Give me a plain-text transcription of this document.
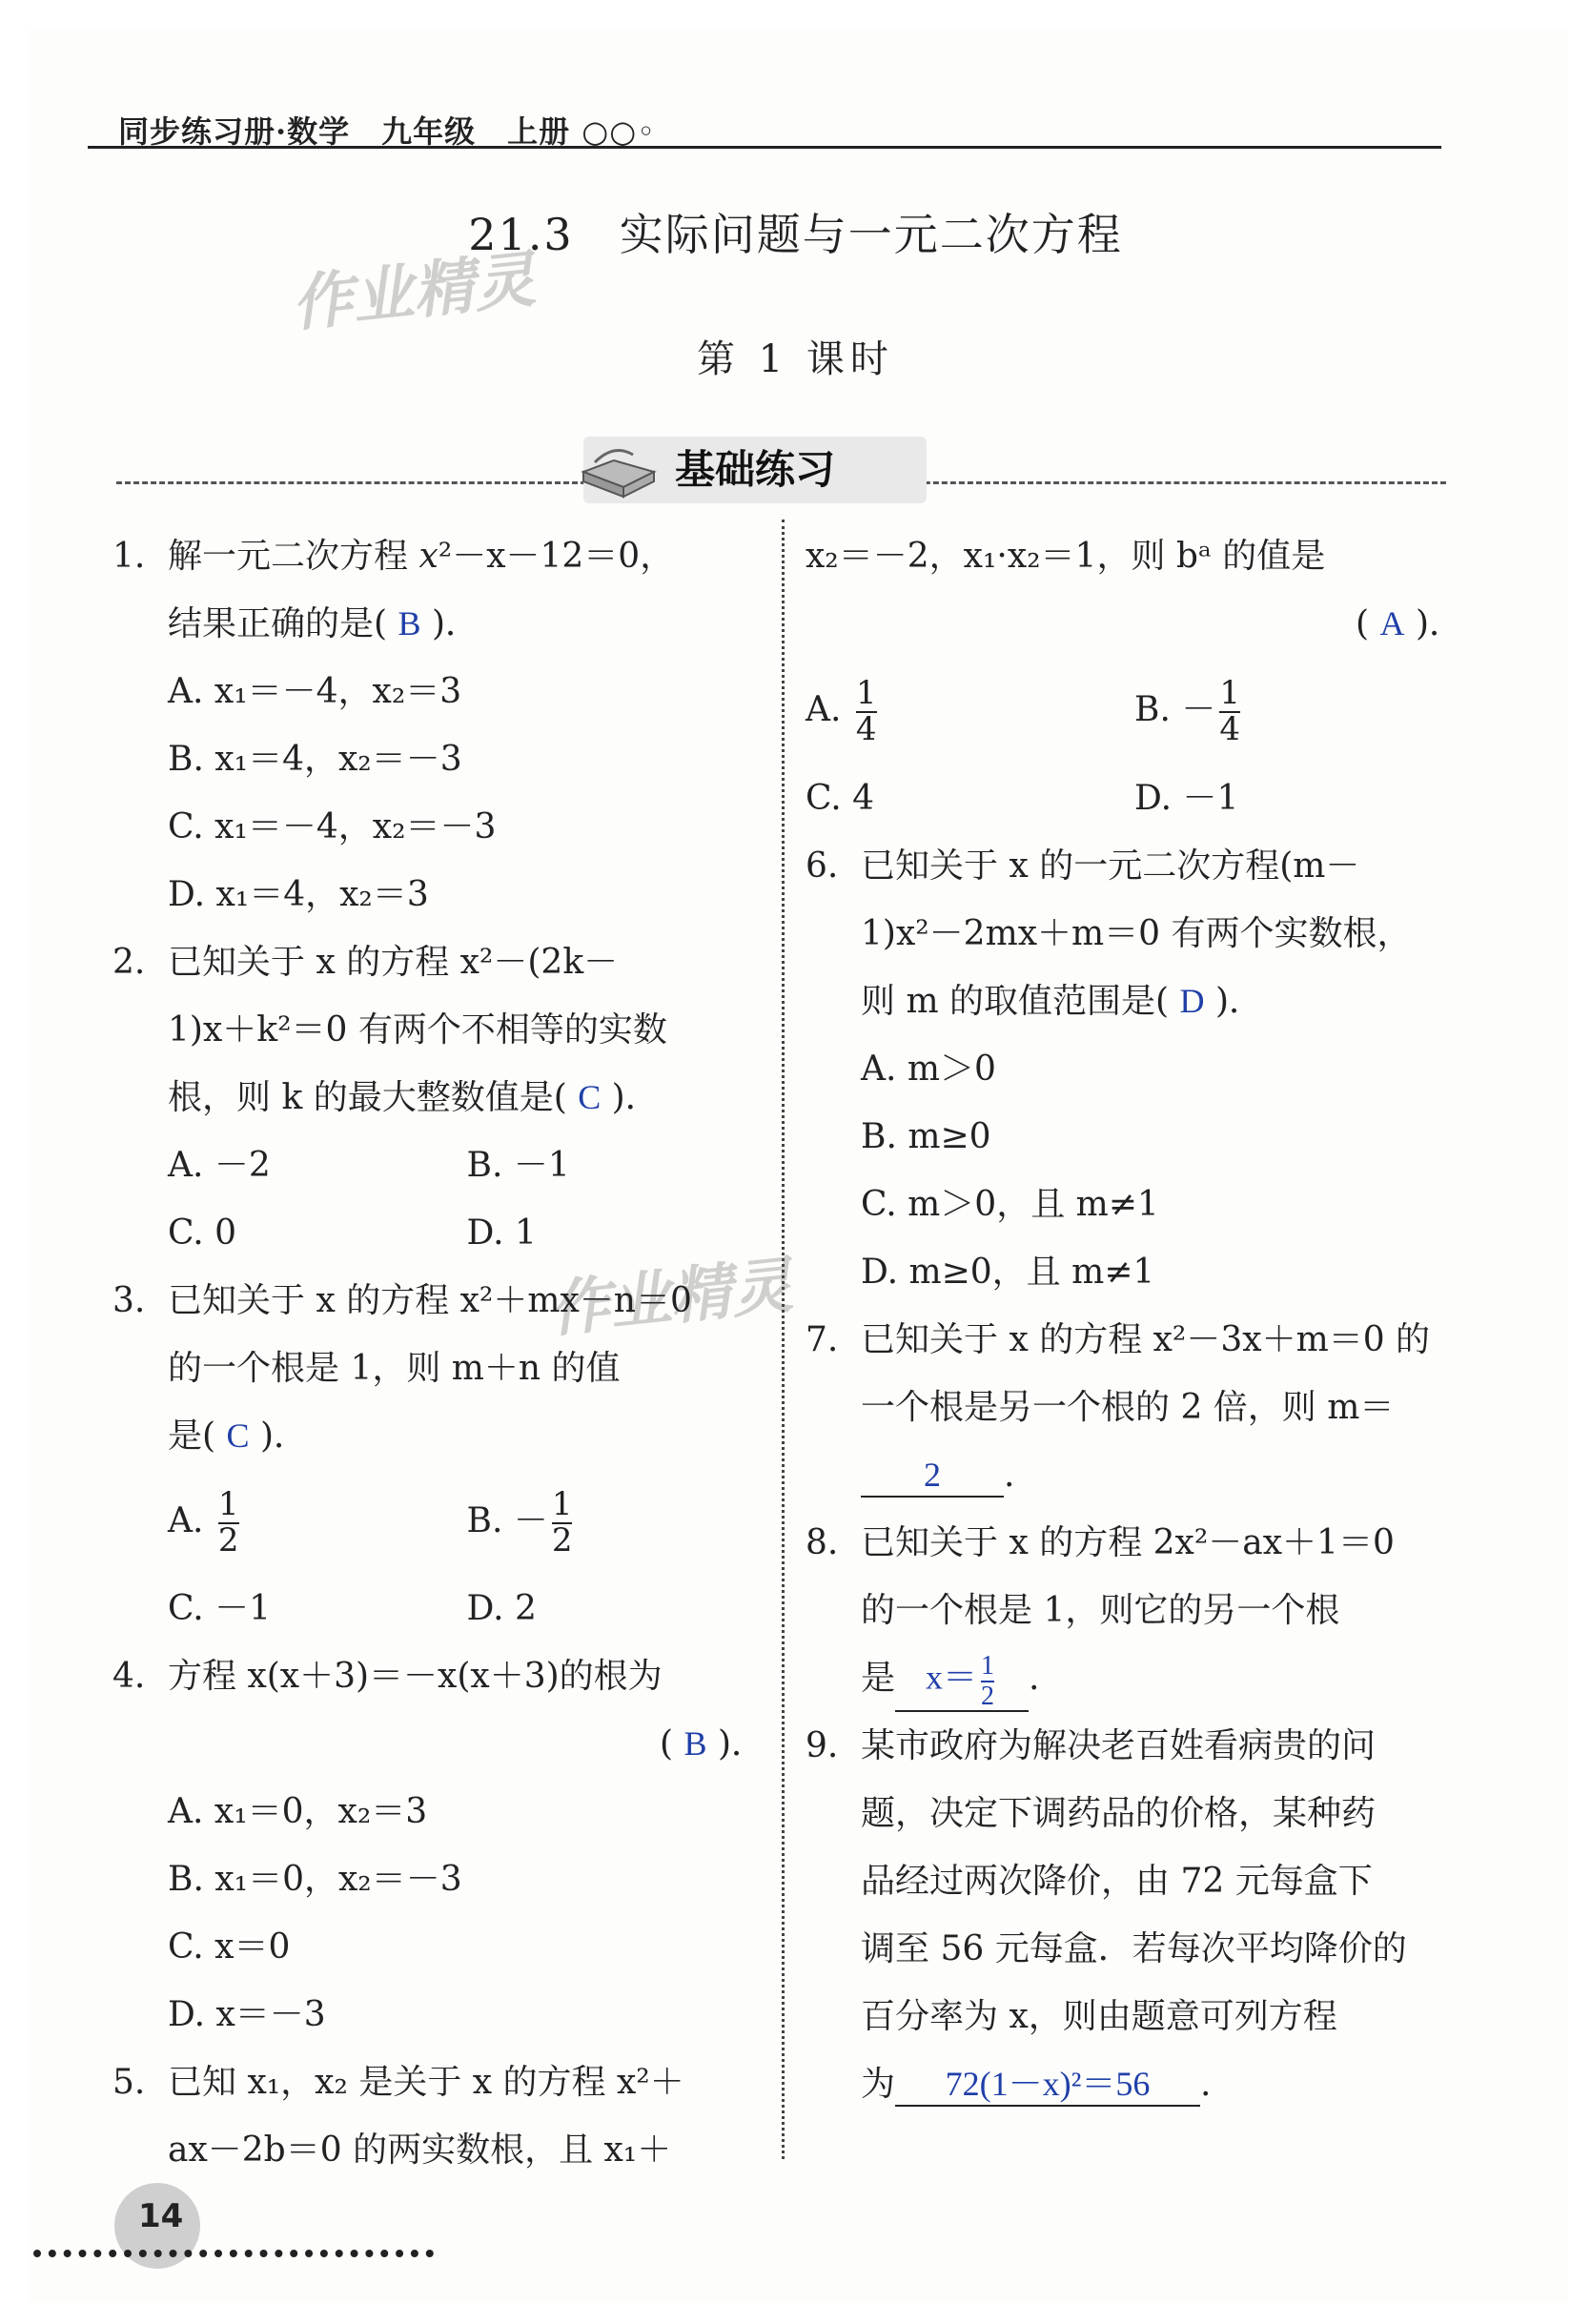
同步练习册·数学　九年级　上册 ○○◦
作业精灵
作业精灵
21.3　实际问题与一元二次方程
第 1 课时
基础练习
1. 解一元二次方程 x²－x－12＝0，
结果正确的是( B )．
A. x₁＝－4，x₂＝3
B. x₁＝4，x₂＝－3
C. x₁＝－4，x₂＝－3
D. x₁＝4，x₂＝3
2. 已知关于 x 的方程 x²－(2k－
1)x＋k²＝0 有两个不相等的实数
根，则 k 的最大整数值是( C )．
A. －2	B. －1
C. 0	D. 1
3. 已知关于 x 的方程 x²＋mx－n＝0
的一个根是 1，则 m＋n 的值
是( C )．
A. $\frac{1}{2}$	B. － $\frac{1}{2}$
C. －1	D. 2
4. 方程 x(x＋3)＝－x(x＋3)的根为
( B )．
A. x₁＝0，x₂＝3
B. x₁＝0，x₂＝－3
C. x＝0
D. x＝－3
5. 已知 x₁，x₂ 是关于 x 的方程 x²＋
ax－2b＝0 的两实数根，且 x₁＋
x₂＝－2，x₁·x₂＝1，则 bᵃ 的值是
( A )．
A. $\frac{1}{4}$	B. － $\frac{1}{4}$
C. 4	D. －1
6. 已知关于 x 的一元二次方程(m－
1)x²－2mx＋m＝0 有两个实数根，
则 m 的取值范围是( D )．
A. m＞0
B. m≥0
C. m＞0，且 m≠1
D. m≥0，且 m≠1
7. 已知关于 x 的方程 x²－3x＋m＝0 的
一个根是另一个根的 2 倍，则 m＝
2 .
8. 已知关于 x 的方程 2x²－ax＋1＝0
的一个根是 1，则它的另一个根
是 $x= \frac{1}{2}$ .
9. 某市政府为解决老百姓看病贵的问
题，决定下调药品的价格，某种药
品经过两次降价，由 72 元每盒下
调至 56 元每盒．若每次平均降价的
百分率为 x，则由题意可列方程
为 72(1－x)²＝56 .
14
